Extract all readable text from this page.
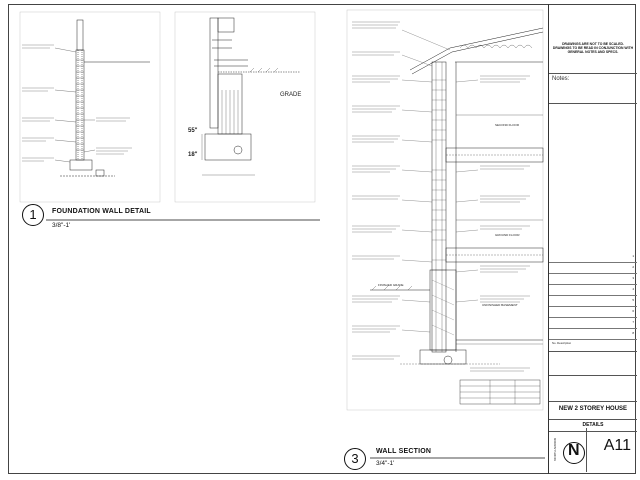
GRADE
55"
18"
SECOND FLOOR
GROUND FLOOR
UNFINISHED BASEMENT
FINISHED GRADE
1	FOUNDATION WALL DETAIL
3/8"-1'
3	WALL SECTION
3/4"-1'
DRAWINGS ARE NOT TO BE SCALED.
DRAWINGS TO BE READ IN CONJUNCTION WITH GENERAL NOTES AND SPECS.
Notes:
1
2
3
4
5
6
7
8
No. Description
NEW 2 STOREY HOUSE
DETAILS
A11
NORTH ARROW N
